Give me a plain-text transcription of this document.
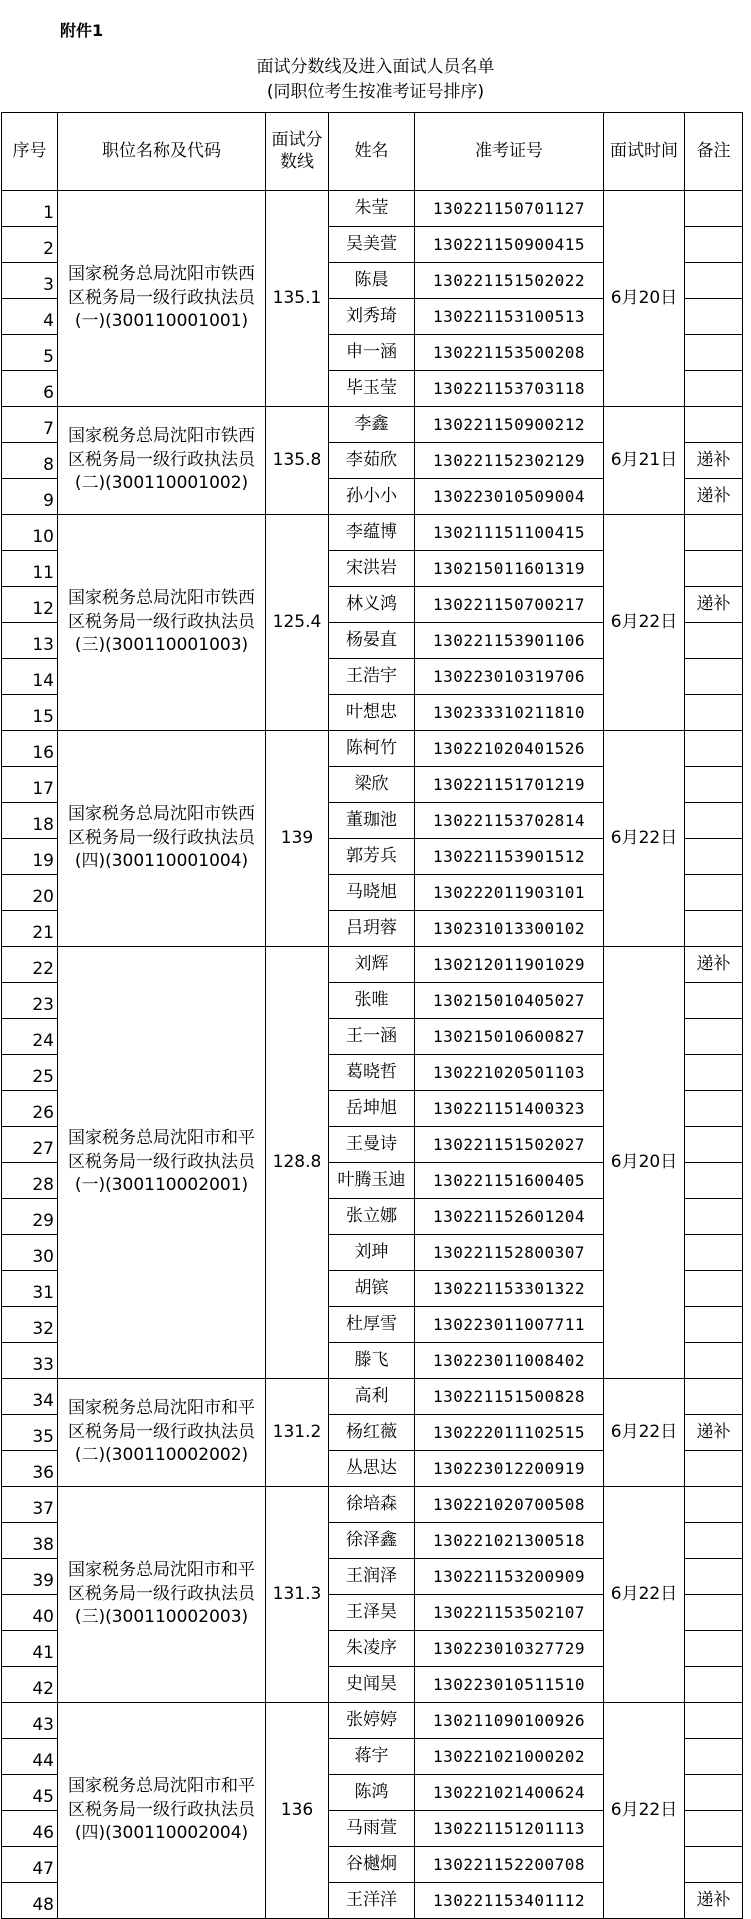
附件1
面试分数线及进入面试人员名单
(同职位考生按准考证号排序)
序号	职位名称及代码	面试分数线	姓名	准考证号	面试时间	备注
1	国家税务总局沈阳市铁西区税务局一级行政执法员(一)(300110001001)	135.1	朱莹	130221150701127	6月20日	
2			吴美萱	130221150900415		
3			陈晨	130221151502022		
4			刘秀琦	130221153100513		
5			申一涵	130221153500208		
6			毕玉莹	130221153703118		
7	国家税务总局沈阳市铁西区税务局一级行政执法员(二)(300110001002)	135.8	李鑫	130221150900212	6月21日	
8			李茹欣	130221152302129		递补
9			孙小小	130223010509004		递补
10	国家税务总局沈阳市铁西区税务局一级行政执法员(三)(300110001003)	125.4	李蕴博	130211151100415	6月22日	
11			宋洪岩	130215011601319		
12			林义鸿	130221150700217		递补
13			杨晏直	130221153901106		
14			王浩宇	130223010319706		
15			叶想忠	130233310211810		
16	国家税务总局沈阳市铁西区税务局一级行政执法员(四)(300110001004)	139	陈柯竹	130221020401526	6月22日	
17			梁欣	130221151701219		
18			董珈池	130221153702814		
19			郭芳兵	130221153901512		
20			马晓旭	130222011903101		
21			吕玥蓉	130231013300102		
22	国家税务总局沈阳市和平区税务局一级行政执法员(一)(300110002001)	128.8	刘辉	130212011901029	6月20日	递补
23			张唯	130215010405027		
24			王一涵	130215010600827		
25			葛晓哲	130221020501103		
26			岳坤旭	130221151400323		
27			王曼诗	130221151502027		
28			叶腾玉迪	130221151600405		
29			张立娜	130221152601204		
30			刘珅	130221152800307		
31			胡镔	130221153301322		
32			杜厚雪	130223011007711		
33			滕飞	130223011008402		
34	国家税务总局沈阳市和平区税务局一级行政执法员(二)(300110002002)	131.2	高利	130221151500828	6月22日	
35			杨红薇	130222011102515		递补
36			丛思达	130223012200919		
37	国家税务总局沈阳市和平区税务局一级行政执法员(三)(300110002003)	131.3	徐培森	130221020700508	6月22日	
38			徐泽鑫	130221021300518		
39			王润泽	130221153200909		
40			王泽昊	130221153502107		
41			朱凌序	130223010327729		
42			史闻昊	130223010511510		
43	国家税务总局沈阳市和平区税务局一级行政执法员(四)(300110002004)	136	张婷婷	130211090100926	6月22日	
44			蒋宇	130221021000202		
45			陈鸿	130221021400624		
46			马雨萱	130221151201113		
47			谷樾炯	130221152200708		
48			王洋洋	130221153401112		递补
